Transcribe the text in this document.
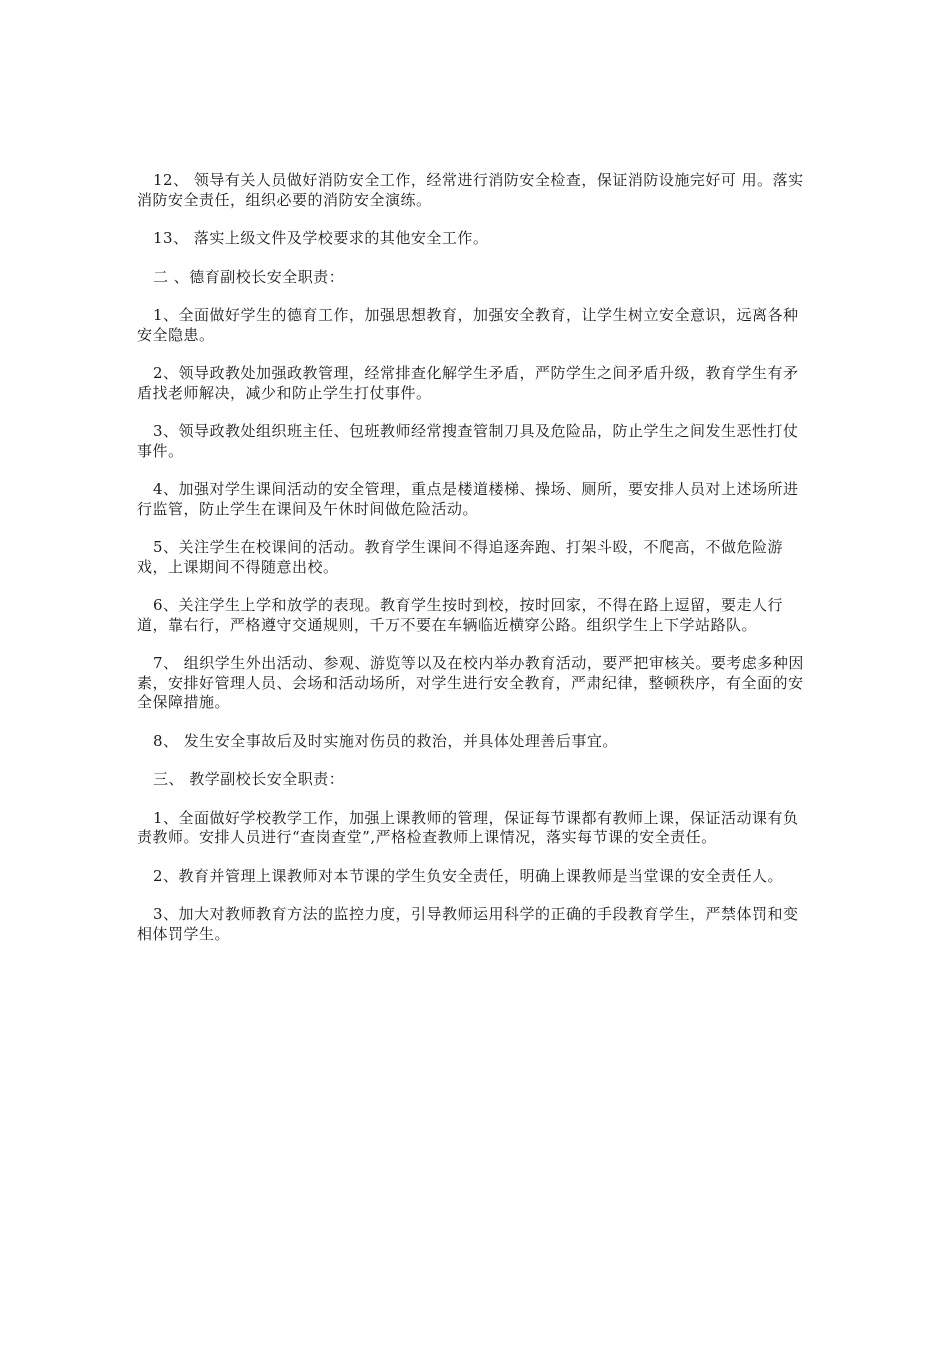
12、 领导有关人员做好消防安全工作，经常进行消防安全检查，保证消防设施完好可 用。落实消防安全责任，组织必要的消防安全演练。

13、 落实上级文件及学校要求的其他安全工作。

二 、德育副校长安全职责：

1、全面做好学生的德育工作，加强思想教育，加强安全教育，让学生树立安全意识，远离各种安全隐患。

2、领导政教处加强政教管理，经常排查化解学生矛盾，严防学生之间矛盾升级，教育学生有矛盾找老师解决，减少和防止学生打仗事件。

3、领导政教处组织班主任、包班教师经常搜查管制刀具及危险品，防止学生之间发生恶性打仗事件。

4、加强对学生课间活动的安全管理，重点是楼道楼梯、操场、厕所，要安排人员对上述场所进行监管，防止学生在课间及午休时间做危险活动。

5、关注学生在校课间的活动。教育学生课间不得追逐奔跑、打架斗殴，不爬高，不做危险游戏，上课期间不得随意出校。

6、关注学生上学和放学的表现。教育学生按时到校，按时回家，不得在路上逗留，要走人行道，靠右行，严格遵守交通规则，千万不要在车辆临近横穿公路。组织学生上下学站路队。

7、 组织学生外出活动、参观、游览等以及在校内举办教育活动，要严把审核关。要考虑多种因素，安排好管理人员、会场和活动场所，对学生进行安全教育，严肃纪律，整顿秩序，有全面的安全保障措施。

8、 发生安全事故后及时实施对伤员的救治，并具体处理善后事宜。

三、 教学副校长安全职责：

1、全面做好学校教学工作，加强上课教师的管理，保证每节课都有教师上课，保证活动课有负责教师。安排人员进行“查岗查堂”,严格检查教师上课情况，落实每节课的安全责任。

2、教育并管理上课教师对本节课的学生负安全责任，明确上课教师是当堂课的安全责任人。

3、加大对教师教育方法的监控力度，引导教师运用科学的正确的手段教育学生，严禁体罚和变相体罚学生。
